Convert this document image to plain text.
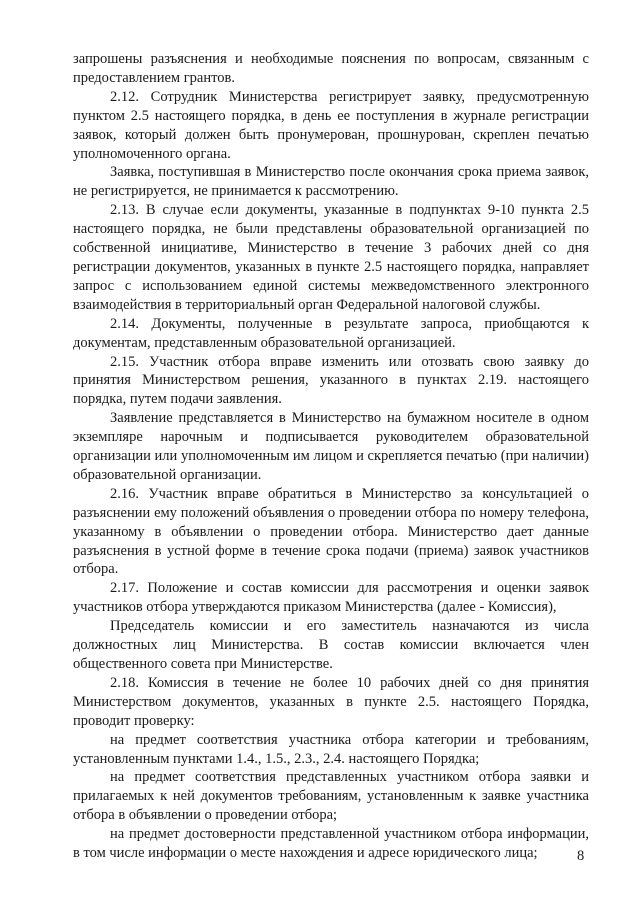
запрошены разъяснения и необходимые пояснения по вопросам, связанным с предоставлением грантов.

2.12. Сотрудник Министерства регистрирует заявку, предусмотренную пунктом 2.5 настоящего порядка, в день ее поступления в журнале регистрации заявок, который должен быть пронумерован, прошнурован, скреплен печатью уполномоченного органа.

Заявка, поступившая в Министерство после окончания срока приема заявок, не регистрируется, не принимается к рассмотрению.

2.13. В случае если документы, указанные в подпунктах 9-10 пункта 2.5 настоящего порядка, не были представлены образовательной организацией по собственной инициативе, Министерство в течение 3 рабочих дней со дня регистрации документов, указанных в пункте 2.5 настоящего порядка, направляет запрос с использованием единой системы межведомственного электронного взаимодействия в территориальный орган Федеральной налоговой службы.

2.14. Документы, полученные в результате запроса, приобщаются к документам, представленным образовательной организацией.

2.15. Участник отбора вправе изменить или отозвать свою заявку до принятия Министерством решения, указанного в пунктах 2.19. настоящего порядка, путем подачи заявления.

Заявление представляется в Министерство на бумажном носителе в одном экземпляре нарочным и подписывается руководителем образовательной организации или уполномоченным им лицом и скрепляется печатью (при наличии) образовательной организации.

2.16. Участник вправе обратиться в Министерство за консультацией о разъяснении ему положений объявления о проведении отбора по номеру телефона, указанному в объявлении о проведении отбора. Министерство дает данные разъяснения в устной форме в течение срока подачи (приема) заявок участников отбора.

2.17. Положение и состав комиссии для рассмотрения и оценки заявок участников отбора утверждаются приказом Министерства (далее - Комиссия),

Председатель комиссии и его заместитель назначаются из числа должностных лиц Министерства. В состав комиссии включается член общественного совета при Министерстве.

2.18. Комиссия в течение не более 10 рабочих дней со дня принятия Министерством документов, указанных в пункте 2.5. настоящего Порядка, проводит проверку:

на предмет соответствия участника отбора категории и требованиям, установленным пунктами 1.4., 1.5., 2.3., 2.4. настоящего Порядка;

на предмет соответствия представленных участником отбора заявки и прилагаемых к ней документов требованиям, установленным к заявке участника отбора в объявлении о проведении отбора;

на предмет достоверности представленной участником отбора информации, в том числе информации о месте нахождения и адресе юридического лица;	8
